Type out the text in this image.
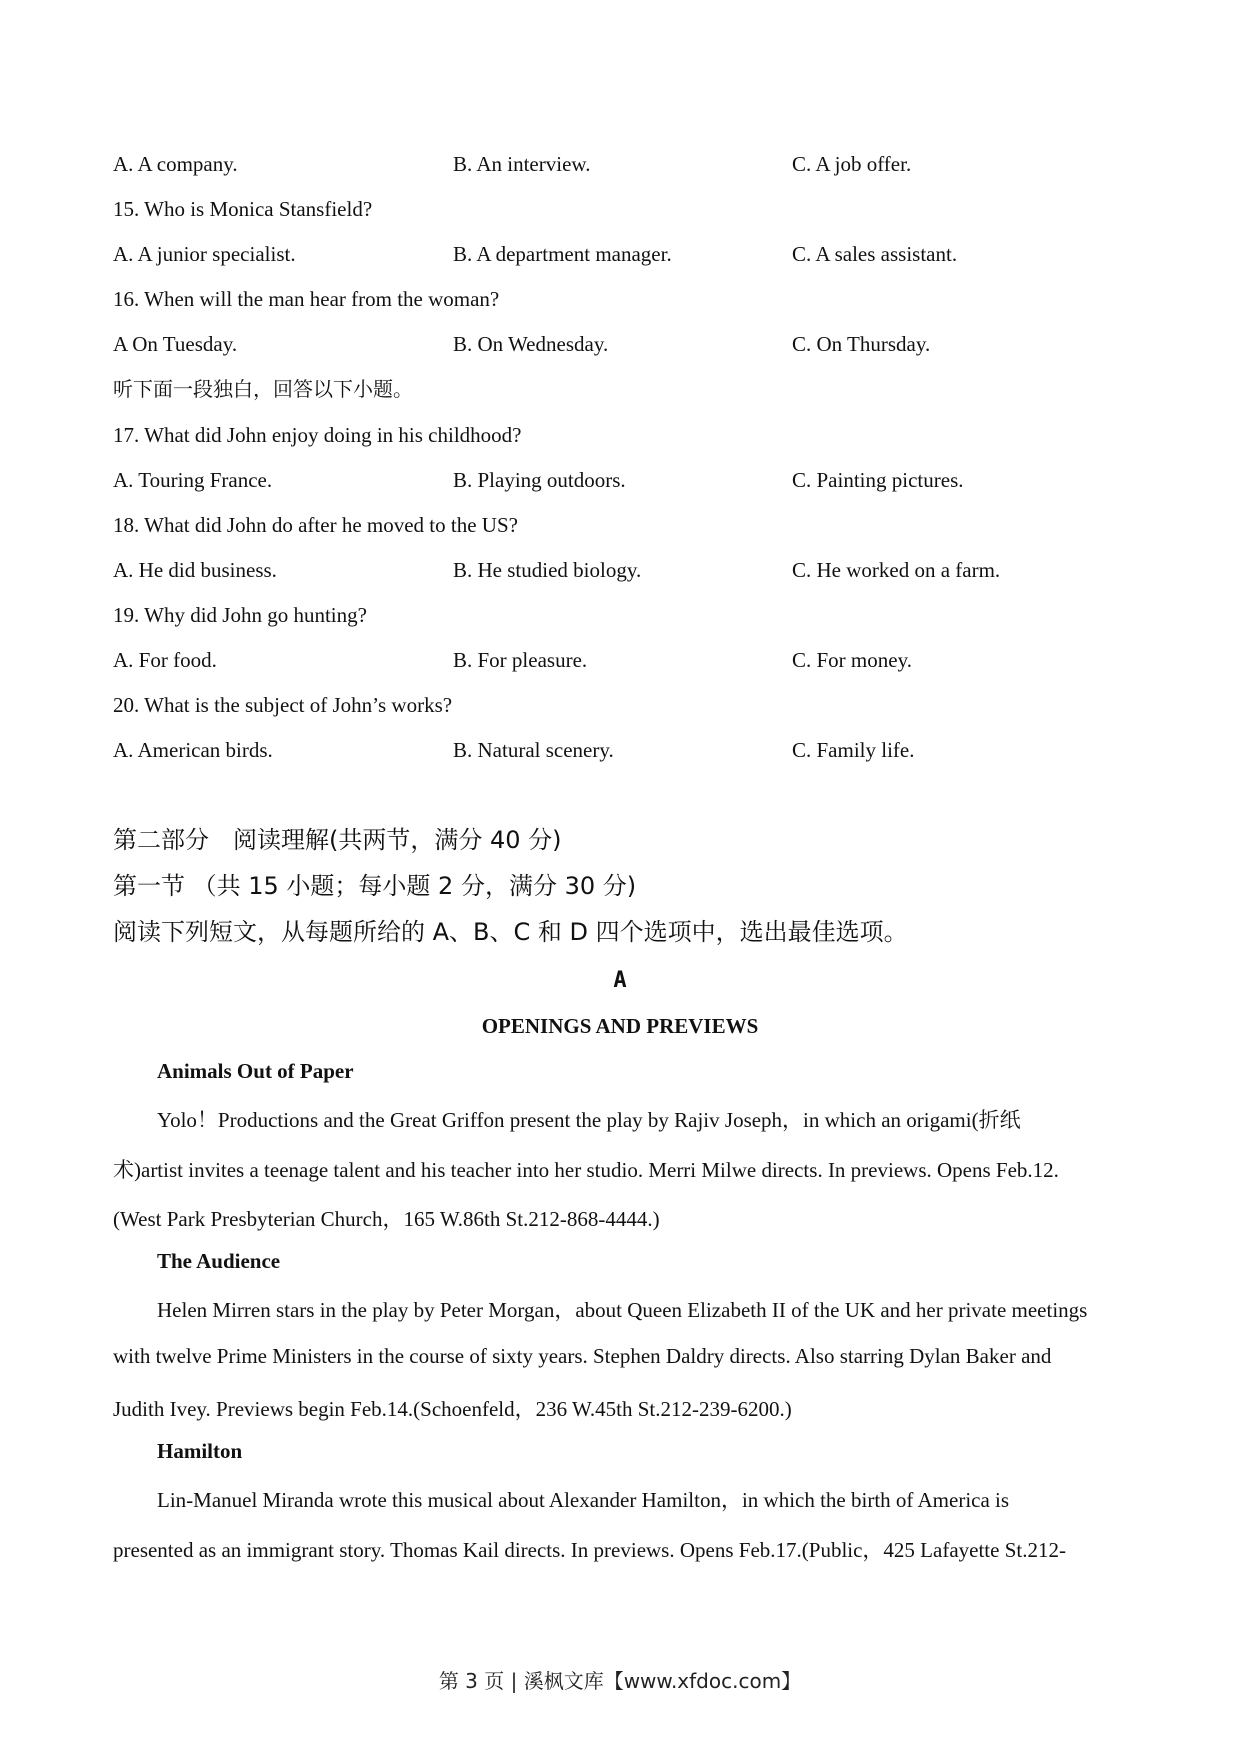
A. A company.	B. An interview.	C. A job offer.
15. Who is Monica Stansfield?
A. A junior specialist.	B. A department manager.	C. A sales assistant.
16. When will the man hear from the woman?
A On Tuesday.	B. On Wednesday.	C. On Thursday.
听下面一段独白，回答以下小题。
17. What did John enjoy doing in his childhood?
A. Touring France.	B. Playing outdoors.	C. Painting pictures.
18. What did John do after he moved to the US?
A. He did business.	B. He studied biology.	C. He worked on a farm.
19. Why did John go hunting?
A. For food.	B. For pleasure.	C. For money.
20. What is the subject of John’s works?
A. American birds.	B. Natural scenery.	C. Family life.
第二部分　阅读理解(共两节，满分 40 分)
第一节 （共 15 小题；每小题 2 分，满分 30 分)
阅读下列短文，从每题所给的 A、B、C 和 D 四个选项中，选出最佳选项。
A
OPENINGS AND PREVIEWS
Animals Out of Paper
Yolo！Productions and the Great Griffon present the play by Rajiv Joseph，in which an origami(折纸
术)artist invites a teenage talent and his teacher into her studio. Merri Milwe directs. In previews. Opens Feb.12.
(West Park Presbyterian Church，165 W.86th St.212-868-4444.)
The Audience
Helen Mirren stars in the play by Peter Morgan，about Queen Elizabeth II of the UK and her private meetings
with twelve Prime Ministers in the course of sixty years. Stephen Daldry directs. Also starring Dylan Baker and
Judith Ivey. Previews begin Feb.14.(Schoenfeld，236 W.45th St.212-239-6200.)
Hamilton
Lin-Manuel Miranda wrote this musical about Alexander Hamilton，in which the birth of America is
presented as an immigrant story. Thomas Kail directs. In previews. Opens Feb.17.(Public，425 Lafayette St.212-
第 3 页 | 溪枫文库【www.xfdoc.com】
